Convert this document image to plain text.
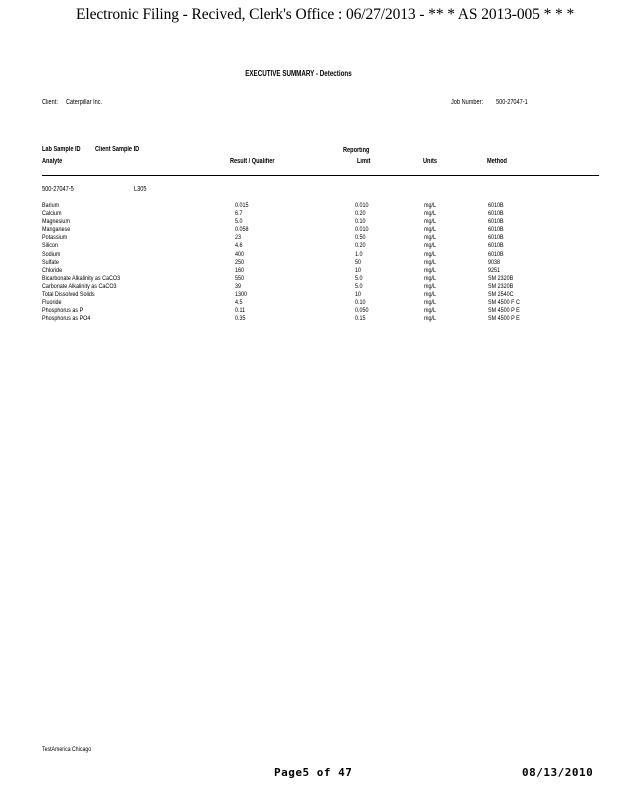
Electronic Filing - Recived, Clerk's Office : 06/27/2013 - ** * AS 2013-005 * * *
EXECUTIVE SUMMARY - Detections
Client: Caterpillar Inc.	Job Number: 500-27047-1
Lab Sample ID Client Sample ID	Reporting
Analyte	Result / Qualifier	Limit	Units	Method
500-27047-5	L305
Barium	0.015	0.010	mg/L	6010B
Calcium	6.7	0.20	mg/L	6010B
Magnesium	5.0	0.10	mg/L	6010B
Manganese	0.058	0.010	mg/L	6010B
Potassium	23	0.50	mg/L	6010B
Silicon	4.6	0.20	mg/L	6010B
Sodium	400	1.0	mg/L	6010B
Sulfate	250	50	mg/L	9038
Chloride	160	10	mg/L	9251
Bicarbonate Alkalinity as CaCO3	550	5.0	mg/L	SM 2320B
Carbonate Alkalinity as CaCO3	39	5.0	mg/L	SM 2320B
Total Dissolved Solids	1300	10	mg/L	SM 2540C
Fluoride	4.5	0.10	mg/L	SM 4500 F C
Phosphorus as P	0.11	0.050	mg/L	SM 4500 P E
Phosphorus as PO4	0.35	0.15	mg/L	SM 4500 P E
TestAmerica Chicago
Page5 of 47	08/13/2010
